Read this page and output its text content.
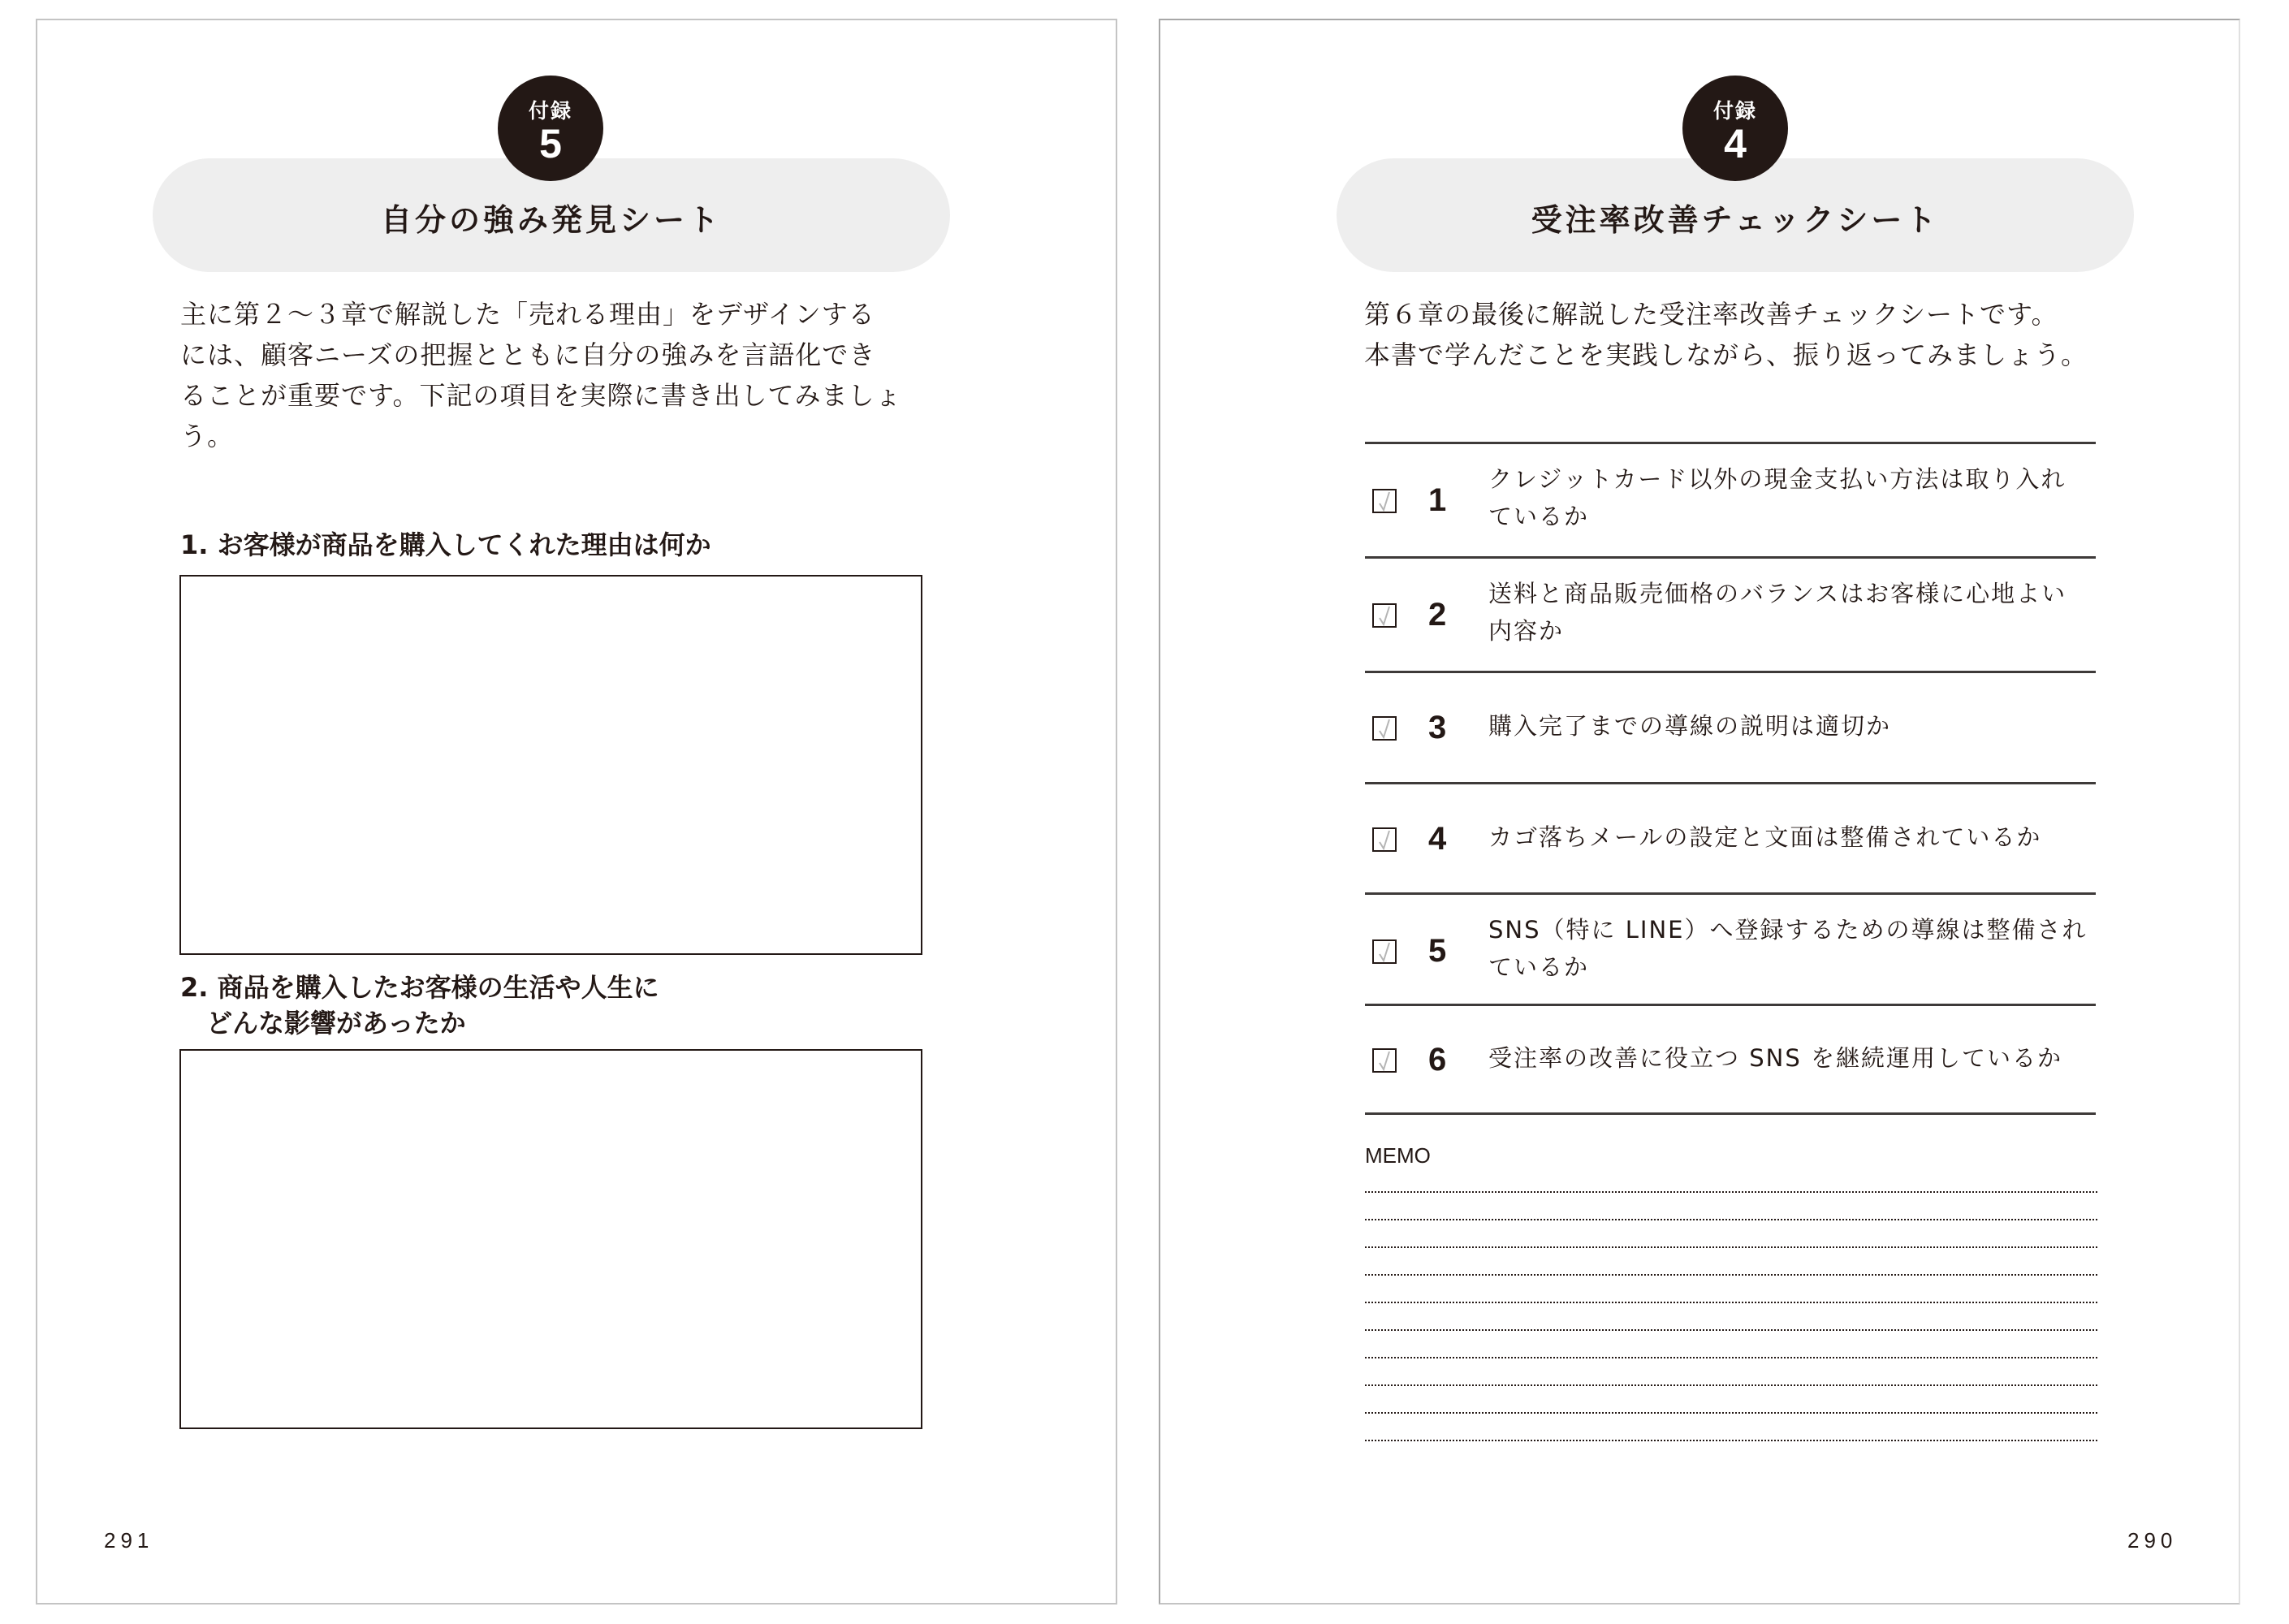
付録
5
自分の強み発見シート
主に第２～３章で解説した「売れる理由」をデザインする
には、顧客ニーズの把握とともに自分の強みを言語化でき
ることが重要です。下記の項目を実際に書き出してみましょ
う。
1. お客様が商品を購入してくれた理由は何か
2. 商品を購入したお客様の生活や人生に
どんな影響があったか
291
付録
4
受注率改善チェックシート
第６章の最後に解説した受注率改善チェックシートです。
本書で学んだことを実践しながら、振り返ってみましょう。
1
クレジットカード以外の現金支払い方法は取り入れ
ているか
2
送料と商品販売価格のバランスはお客様に心地よい
内容か
3 購入完了までの導線の説明は適切か
4 カゴ落ちメールの設定と文面は整備されているか
5
SNS（特に LINE）へ登録するための導線は整備され
ているか
6 受注率の改善に役立つ SNS を継続運用しているか
MEMO
290
